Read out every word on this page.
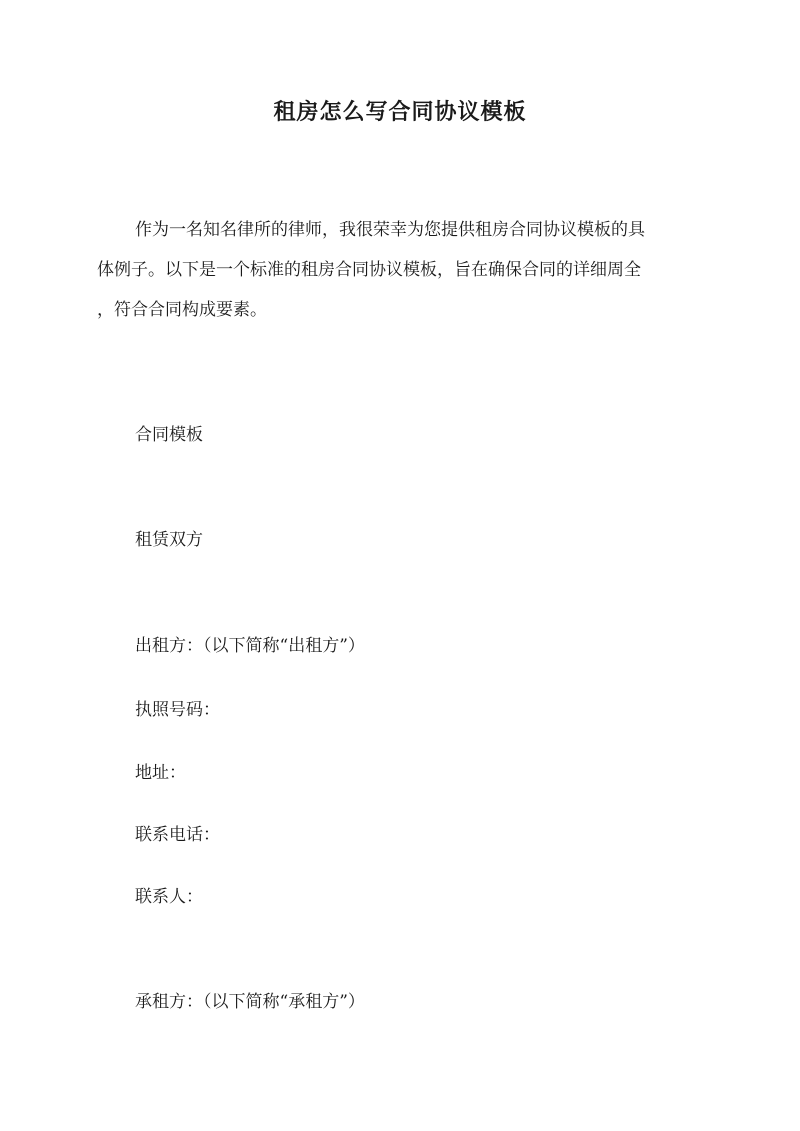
租房怎么写合同协议模板
作为一名知名律所的律师，我很荣幸为您提供租房合同协议模板的具
体例子。以下是一个标准的租房合同协议模板，旨在确保合同的详细周全
，符合合同构成要素。
合同模板
租赁双方
出租方：（以下简称“出租方”）
执照号码：
地址：
联系电话：
联系人：
承租方：（以下简称“承租方”）
